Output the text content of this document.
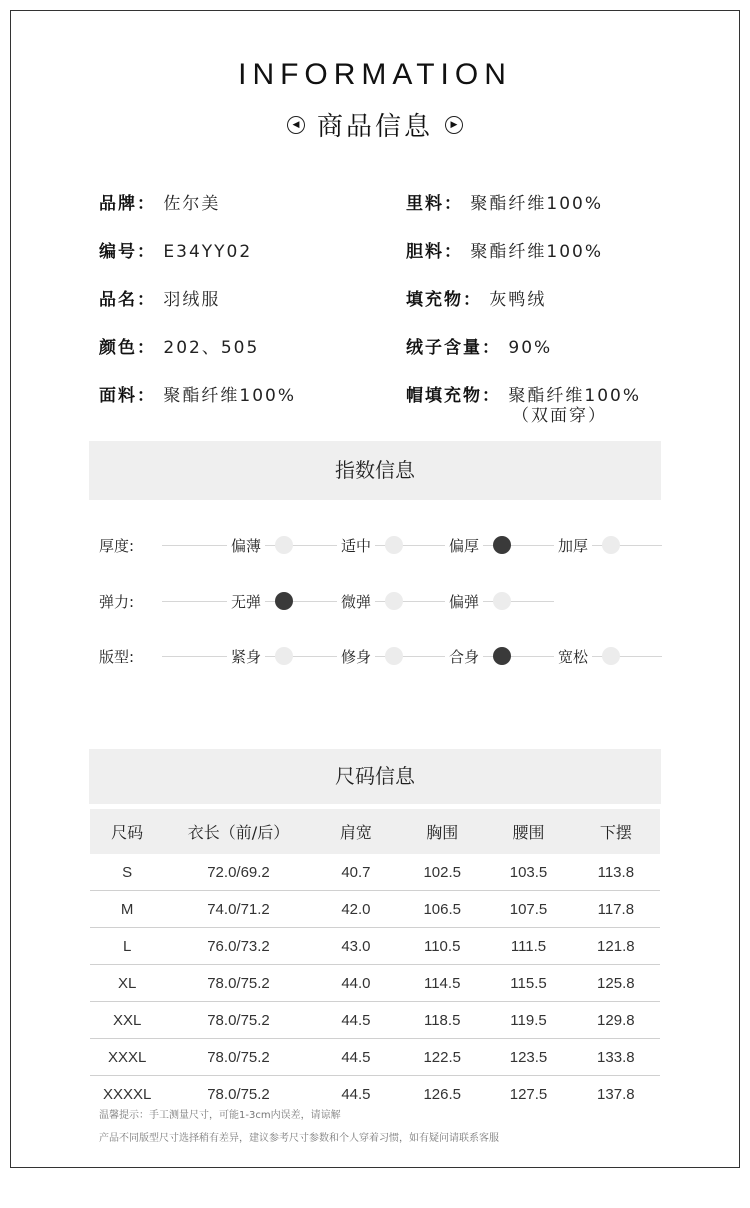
INFORMATION
◀ 商品信息 ▶
品牌： 佐尔美
编号： E34YY02
品名： 羽绒服
颜色： 202、505
面料： 聚酯纤维100%
里料： 聚酯纤维100%
胆料： 聚酯纤维100%
填充物： 灰鸭绒
绒子含量： 90%
帽填充物： 聚酯纤维100%
（双面穿）
指数信息
厚度:	偏薄	适中	偏厚	加厚
弹力:	无弹	微弹	偏弹
版型:	紧身	修身	合身	宽松
尺码信息
尺码	衣长（前/后）	肩宽	胸围	腰围	下摆
S	72.0/69.2	40.7	102.5	103.5	113.8
M	74.0/71.2	42.0	106.5	107.5	117.8
L	76.0/73.2	43.0	110.5	111.5	121.8
XL	78.0/75.2	44.0	114.5	115.5	125.8
XXL	78.0/75.2	44.5	118.5	119.5	129.8
XXXL	78.0/75.2	44.5	122.5	123.5	133.8
XXXXL	78.0/75.2	44.5	126.5	127.5	137.8
温馨提示：手工测量尺寸，可能1-3cm内误差，请谅解
产品不同版型尺寸选择稍有差异，建议参考尺寸参数和个人穿着习惯，如有疑问请联系客服
